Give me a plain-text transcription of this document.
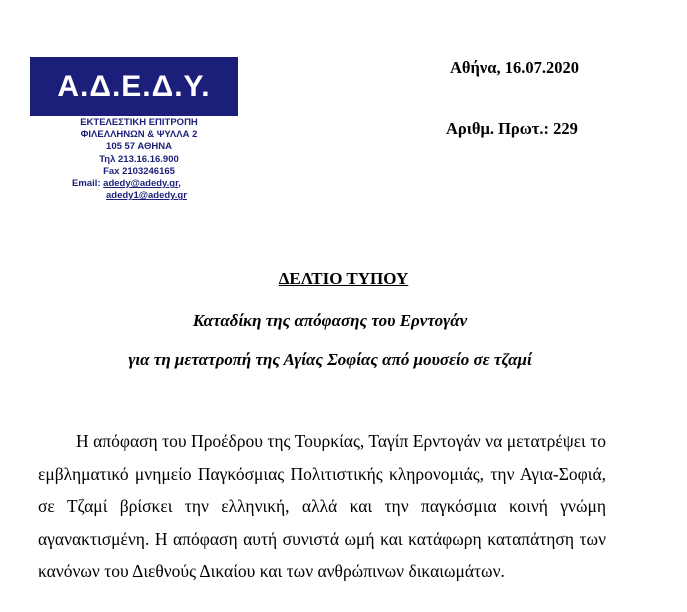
Α.Δ.Ε.Δ.Υ.
ΕΚΤΕΛΕΣΤΙΚΗ ΕΠΙΤΡΟΠΗ
ΦΙΛΕΛΛΗΝΩΝ & ΨΥΛΛΑ 2
105 57 ΑΘΗΝΑ
Τηλ 213.16.16.900
Fax 2103246165
Email: adedy@adedy.gr,
adedy1@adedy.gr
Αθήνα, 16.07.2020
Αριθμ. Πρωτ.: 229
ΔΕΛΤΙΟ ΤΥΠΟΥ
Καταδίκη της απόφασης του Ερντογάν
για τη μετατροπή της Αγίας Σοφίας από μουσείο σε τζαμί

Η απόφαση του Προέδρου της Τουρκίας, Ταγίπ Ερντογάν να μετατρέψει το εμβληματικό μνημείο Παγκόσμιας Πολιτιστικής κληρονομιάς, την Αγια-Σοφιά, σε Τζαμί βρίσκει την ελληνική, αλλά και την παγκόσμια κοινή γνώμη αγανακτισμένη. Η απόφαση αυτή συνιστά ωμή και κατάφωρη καταπάτηση των κανόνων του Διεθνούς Δικαίου και των ανθρώπινων δικαιωμάτων.
